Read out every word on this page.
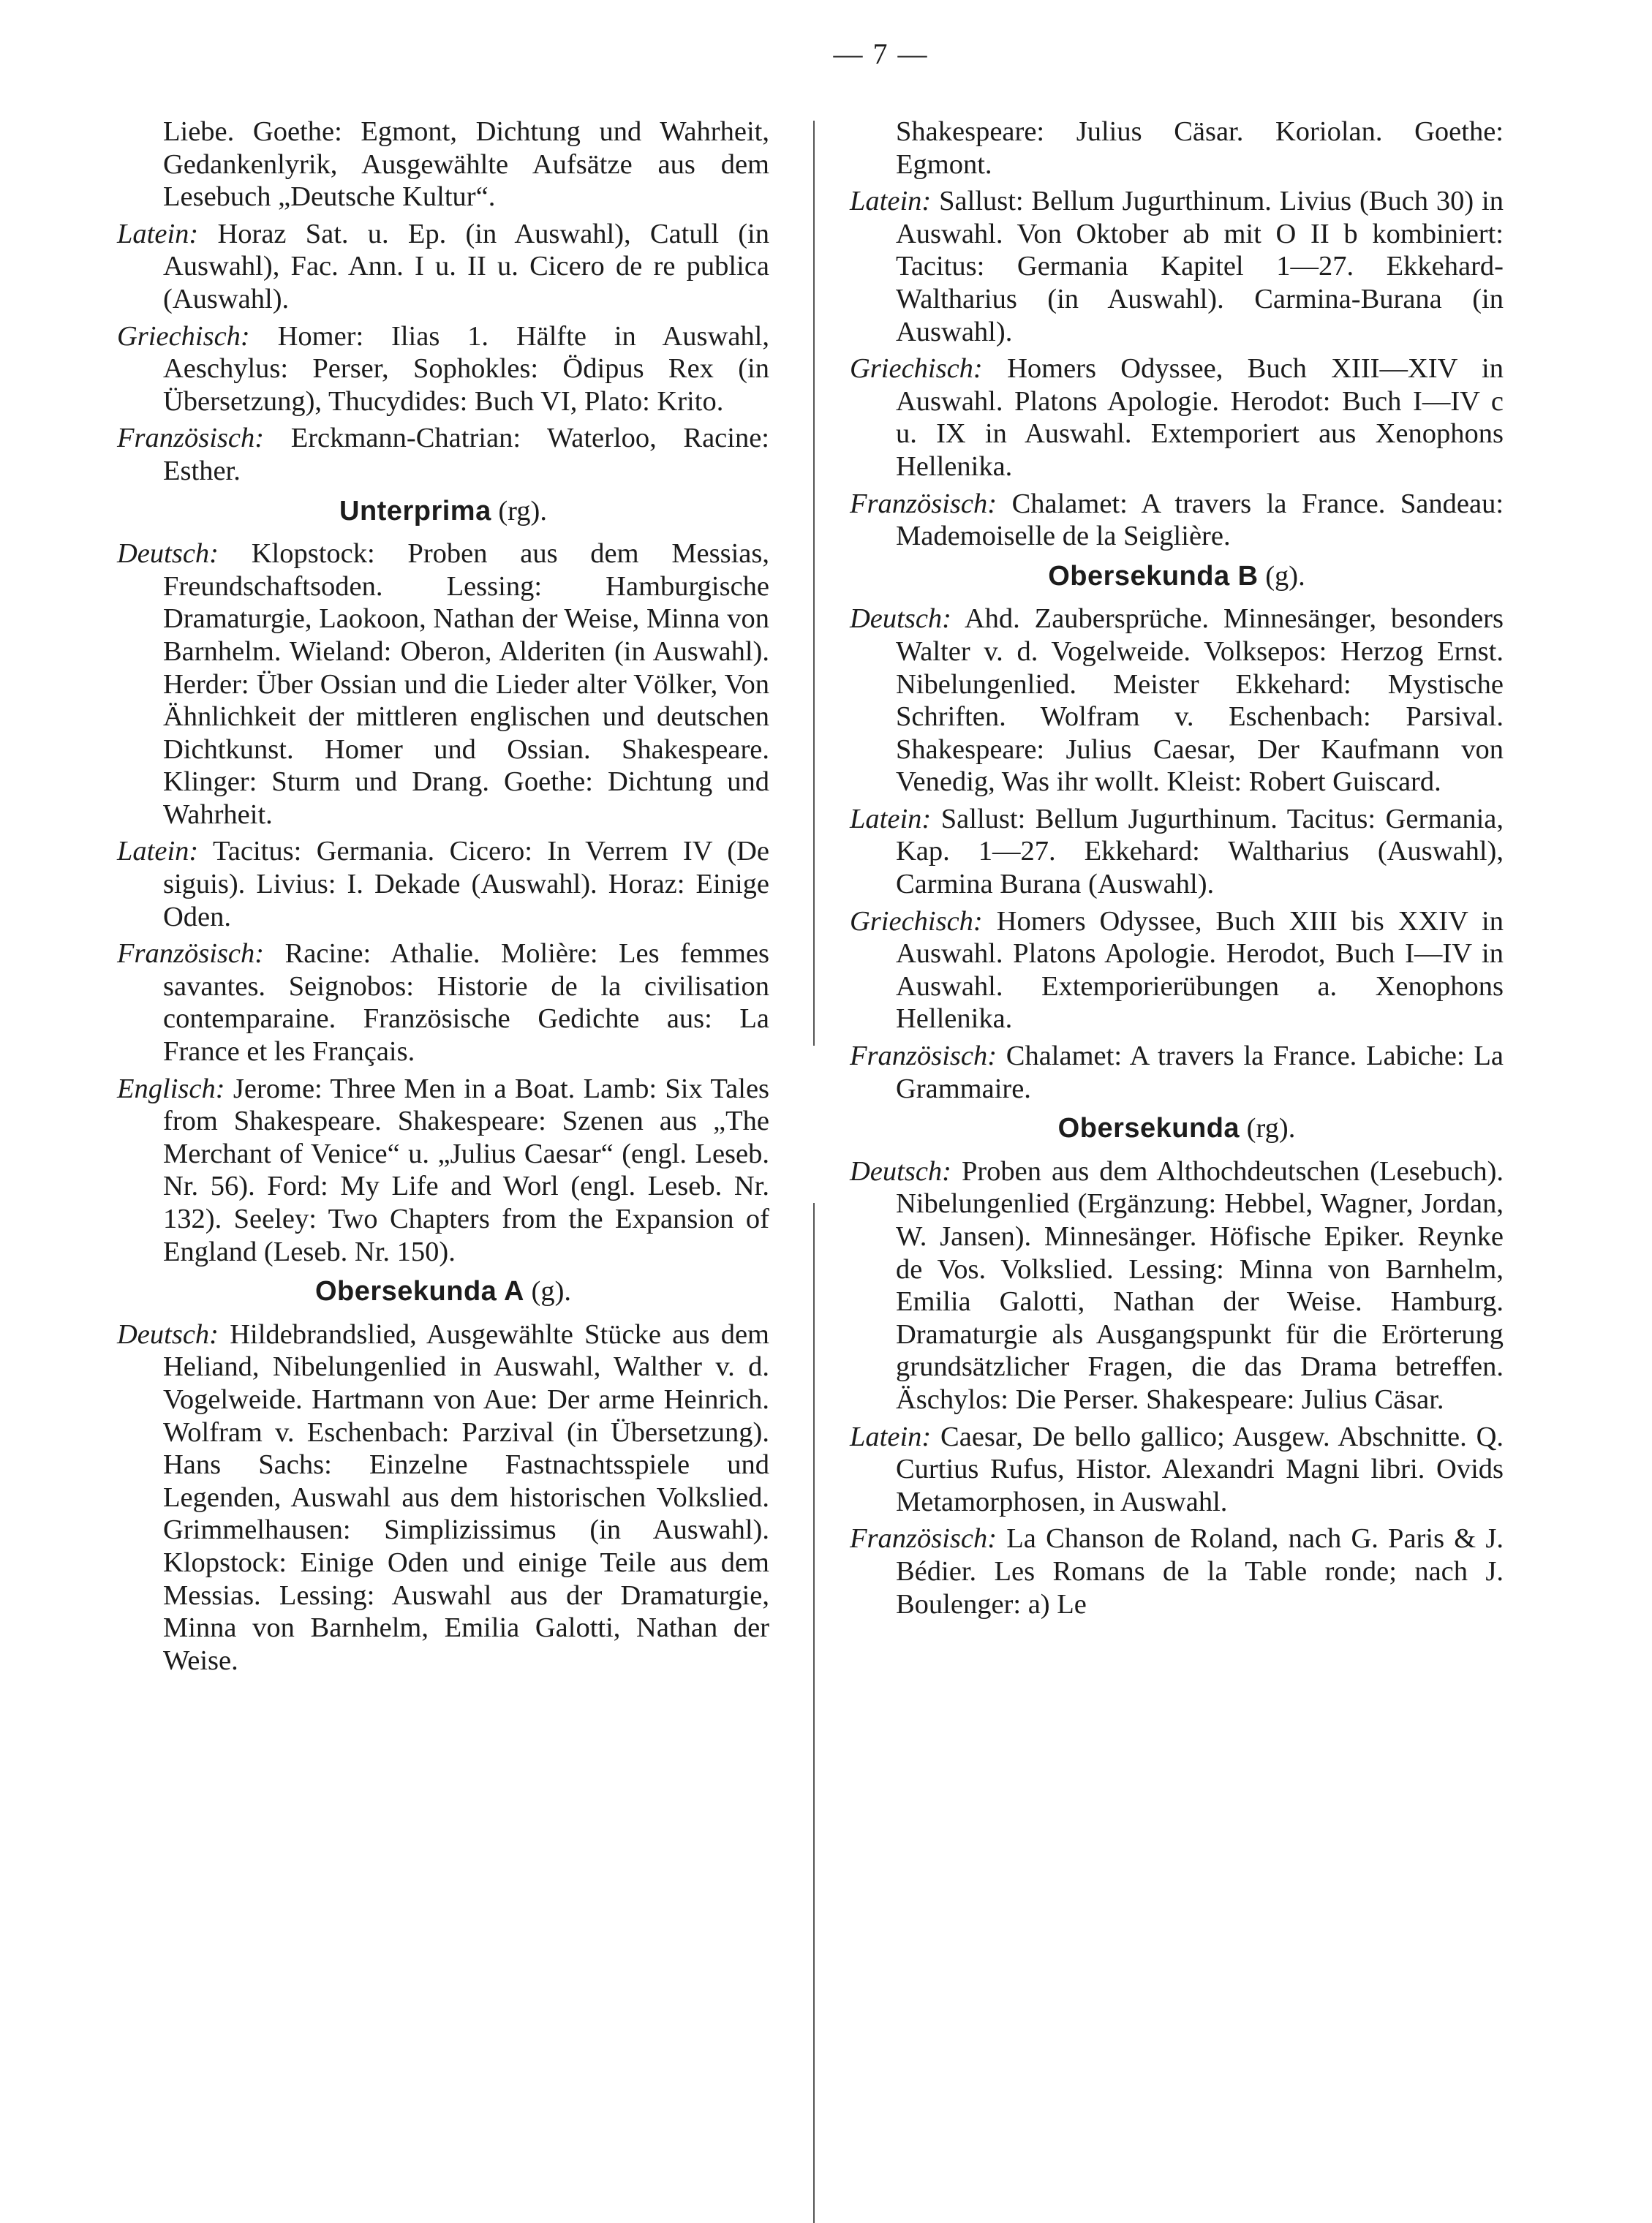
— 7 —

Liebe. Goethe: Egmont, Dichtung und Wahrheit, Gedankenlyrik, Ausgewählte Aufsätze aus dem Lesebuch „Deutsche Kultur“.

Latein: Horaz Sat. u. Ep. (in Auswahl), Catull (in Auswahl), Fac. Ann. I u. II u. Cicero de re publica (Auswahl).

Griechisch: Homer: Ilias 1. Hälfte in Auswahl, Aeschylus: Perser, Sophokles: Ödipus Rex (in Übersetzung), Thucydides: Buch VI, Plato: Krito.

Französisch: Erckmann-Chatrian: Waterloo, Racine: Esther.

Unterprima (rg).

Deutsch: Klopstock: Proben aus dem Messias, Freundschaftsoden. Lessing: Hamburgische Dramaturgie, Laokoon, Nathan der Weise, Minna von Barnhelm. Wieland: Oberon, Alderiten (in Auswahl). Herder: Über Ossian und die Lieder alter Völker, Von Ähnlichkeit der mittleren englischen und deutschen Dichtkunst. Homer und Ossian. Shakespeare. Klinger: Sturm und Drang. Goethe: Dichtung und Wahrheit.

Latein: Tacitus: Germania. Cicero: In Verrem IV (De siguis). Livius: I. Dekade (Auswahl). Horaz: Einige Oden.

Französisch: Racine: Athalie. Molière: Les femmes savantes. Seignobos: Historie de la civilisation contemparaine. Französische Gedichte aus: La France et les Français.

Englisch: Jerome: Three Men in a Boat. Lamb: Six Tales from Shakespeare. Shakespeare: Szenen aus „The Merchant of Venice“ u. „Julius Caesar“ (engl. Leseb. Nr. 56). Ford: My Life and Worl (engl. Leseb. Nr. 132). Seeley: Two Chapters from the Expansion of England (Leseb. Nr. 150).

Obersekunda A (g).

Deutsch: Hildebrandslied, Ausgewählte Stücke aus dem Heliand, Nibelungenlied in Auswahl, Walther v. d. Vogelweide. Hartmann von Aue: Der arme Heinrich. Wolfram v. Eschenbach: Parzival (in Übersetzung). Hans Sachs: Einzelne Fastnachtsspiele und Legenden, Auswahl aus dem historischen Volkslied. Grimmelhausen: Simplizissimus (in Auswahl). Klopstock: Einige Oden und einige Teile aus dem Messias. Lessing: Auswahl aus der Dramaturgie, Minna von Barnhelm, Emilia Galotti, Nathan der Weise.

Shakespeare: Julius Cäsar. Koriolan. Goethe: Egmont.

Latein: Sallust: Bellum Jugurthinum. Livius (Buch 30) in Auswahl. Von Oktober ab mit O II b kombiniert: Tacitus: Germania Kapitel 1—27. Ekkehard-Waltharius (in Auswahl). Carmina-Burana (in Auswahl).

Griechisch: Homers Odyssee, Buch XIII—XIV in Auswahl. Platons Apologie. Herodot: Buch I—IV c u. IX in Auswahl. Extemporiert aus Xenophons Hellenika.

Französisch: Chalamet: A travers la France. Sandeau: Mademoiselle de la Seiglière.

Obersekunda B (g).

Deutsch: Ahd. Zaubersprüche. Minnesänger, besonders Walter v. d. Vogelweide. Volksepos: Herzog Ernst. Nibelungenlied. Meister Ekkehard: Mystische Schriften. Wolfram v. Eschenbach: Parsival. Shakespeare: Julius Caesar, Der Kaufmann von Venedig, Was ihr wollt. Kleist: Robert Guiscard.

Latein: Sallust: Bellum Jugurthinum. Tacitus: Germania, Kap. 1—27. Ekkehard: Waltharius (Auswahl), Carmina Burana (Auswahl).

Griechisch: Homers Odyssee, Buch XIII bis XXIV in Auswahl. Platons Apologie. Herodot, Buch I—IV in Auswahl. Extemporierübungen a. Xenophons Hellenika.

Französisch: Chalamet: A travers la France. Labiche: La Grammaire.

Obersekunda (rg).

Deutsch: Proben aus dem Althochdeutschen (Lesebuch). Nibelungenlied (Ergänzung: Hebbel, Wagner, Jordan, W. Jansen). Minnesänger. Höfische Epiker. Reynke de Vos. Volkslied. Lessing: Minna von Barnhelm, Emilia Galotti, Nathan der Weise. Hamburg. Dramaturgie als Ausgangspunkt für die Erörterung grundsätzlicher Fragen, die das Drama betreffen. Äschylos: Die Perser. Shakespeare: Julius Cäsar.

Latein: Caesar, De bello gallico; Ausgew. Abschnitte. Q. Curtius Rufus, Histor. Alexandri Magni libri. Ovids Metamorphosen, in Auswahl.

Französisch: La Chanson de Roland, nach G. Paris & J. Bédier. Les Romans de la Table ronde; nach J. Boulenger: a) Le
